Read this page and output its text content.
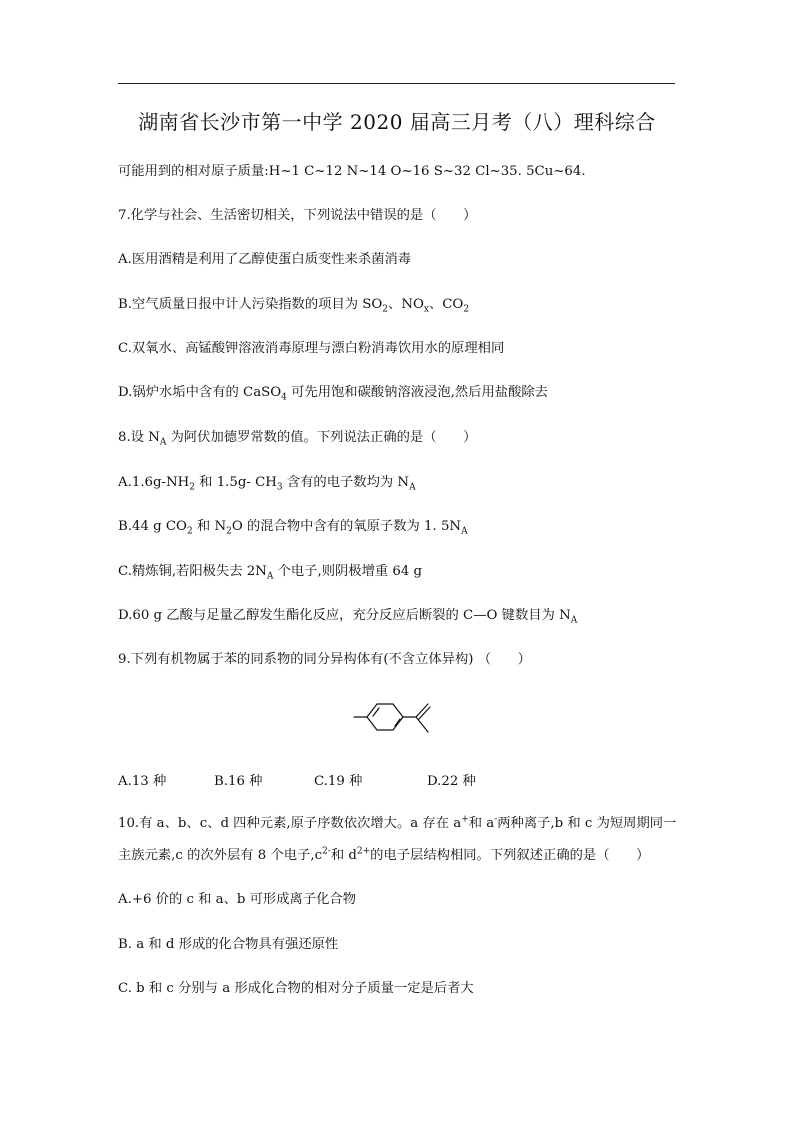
湖南省长沙市第一中学 2020 届高三月考（八）理科综合
可能用到的相对原子质量:H~1 C~12 N~14 O~16 S~32 Cl~35. 5Cu~64.
7.化学与社会、生活密切相关，下列说法中错误的是（　　）
A.医用酒精是利用了乙醇使蛋白质变性来杀菌消毒
B.空气质量日报中计人污染指数的项目为 $SO_2$、$NO_x$、$CO_2$
C.双氧水、高锰酸钾溶液消毒原理与漂白粉消毒饮用水的原理相同
D.锅炉水垢中含有的 CaSO$_4$ 可先用饱和碳酸钠溶液浸泡,然后用盐酸除去
8.设 $N_A$ 为阿伏加德罗常数的值。下列说法正确的是（　　）
$A.1.6g-NH_2$ 和 1.5g- $CH_3$ 含有的电子数均为 $N_A$
B.44 g $CO_2$ 和 $N_2O$ 的混合物中含有的氧原子数为 1. $5N_A$
C.精炼铜,若阳极失去 $2N_A$ 个电子,则阴极增重 64 g
D.60 g 乙酸与足量乙醇发生酯化反应，充分反应后断裂的 C—O 键数目为 $N_A$
9.下列有机物属于苯的同系物的同分异构体有(不含立体异构) （　　）
A.13 种	B.16 种	C.19 种	D.22 种
10.有 a、b、c、d 四种元素,原子序数依次增大。a 存在 a+和 a-两种离子,b 和 c 为短周期同一
主族元素,c 的次外层有 8 个电子$,c^{2-}$和 $d^{2+}$的电子层结构相同。下列叙述正确的是（　　）
A.+6 价的 c 和 a、b 可形成离子化合物
B. a 和 d 形成的化合物具有强还原性
C. b 和 c 分别与 a 形成化合物的相对分子质量一定是后者大
